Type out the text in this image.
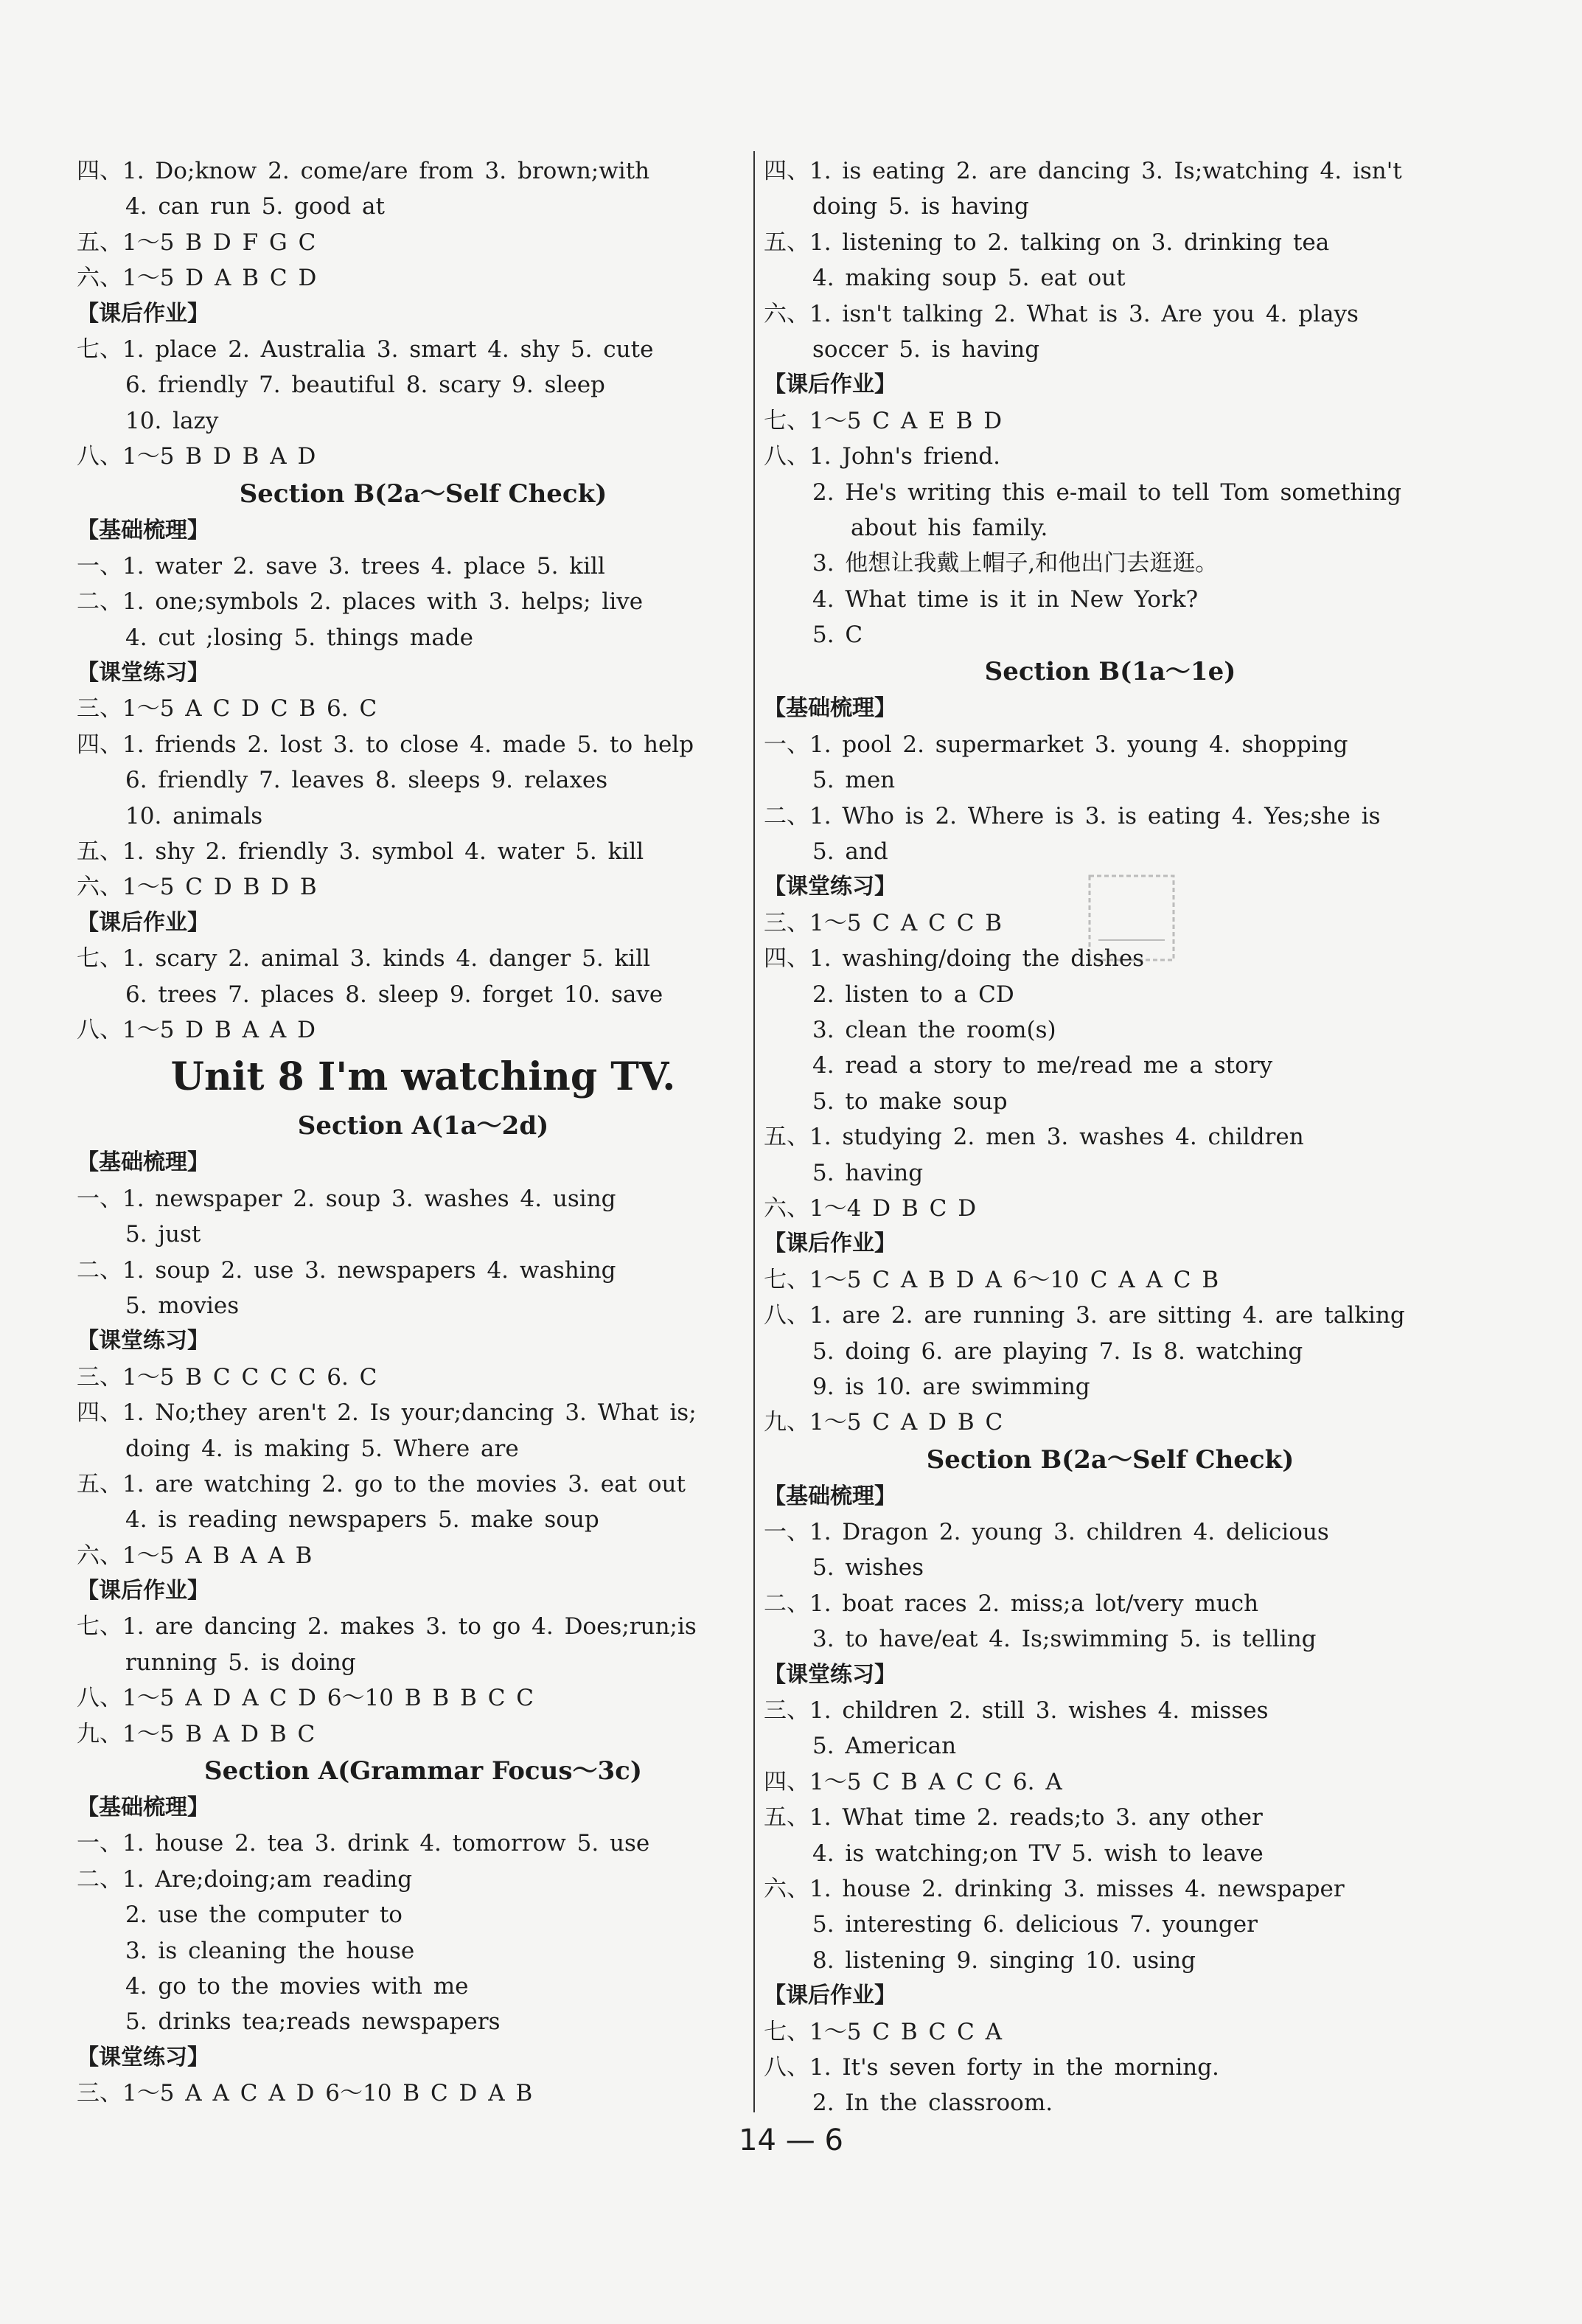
四、1. Do;know 2. come/are from 3. brown;with
4. can run 5. good at
五、1～5 B D F G C
六、1～5 D A B C D
【课后作业】
七、1. place 2. Australia 3. smart 4. shy 5. cute
6. friendly 7. beautiful 8. scary 9. sleep
10. lazy
八、1～5 B D B A D
Section B(2a～Self Check)
【基础梳理】
一、1. water 2. save 3. trees 4. place 5. kill
二、1. one;symbols 2. places with 3. helps; live
4. cut ;losing 5. things made
【课堂练习】
三、1～5 A C D C B 6. C
四、1. friends 2. lost 3. to close 4. made 5. to help
6. friendly 7. leaves 8. sleeps 9. relaxes
10. animals
五、1. shy 2. friendly 3. symbol 4. water 5. kill
六、1～5 C D B D B
【课后作业】
七、1. scary 2. animal 3. kinds 4. danger 5. kill
6. trees 7. places 8. sleep 9. forget 10. save
八、1～5 D B A A D
Unit 8 I'm watching TV.
Section A(1a～2d)
【基础梳理】
一、1. newspaper 2. soup 3. washes 4. using
5. just
二、1. soup 2. use 3. newspapers 4. washing
5. movies
【课堂练习】
三、1～5 B C C C C 6. C
四、1. No;they aren't 2. Is your;dancing 3. What is;
doing 4. is making 5. Where are
五、1. are watching 2. go to the movies 3. eat out
4. is reading newspapers 5. make soup
六、1～5 A B A A B
【课后作业】
七、1. are dancing 2. makes 3. to go 4. Does;run;is
running 5. is doing
八、1～5 A D A C D 6～10 B B B C C
九、1～5 B A D B C
Section A(Grammar Focus～3c)
【基础梳理】
一、1. house 2. tea 3. drink 4. tomorrow 5. use
二、1. Are;doing;am reading
2. use the computer to
3. is cleaning the house
4. go to the movies with me
5. drinks tea;reads newspapers
【课堂练习】
三、1～5 A A C A D 6～10 B C D A B
四、1. is eating 2. are dancing 3. Is;watching 4. isn't
doing 5. is having
五、1. listening to 2. talking on 3. drinking tea
4. making soup 5. eat out
六、1. isn't talking 2. What is 3. Are you 4. plays
soccer 5. is having
【课后作业】
七、1～5 C A E B D
八、1. John's friend.
2. He's writing this e-mail to tell Tom something
about his family.
3. 他想让我戴上帽子,和他出门去逛逛。
4. What time is it in New York?
5. C
Section B(1a～1e)
【基础梳理】
一、1. pool 2. supermarket 3. young 4. shopping
5. men
二、1. Who is 2. Where is 3. is eating 4. Yes;she is
5. and
【课堂练习】
三、1～5 C A C C B
四、1. washing/doing the dishes
2. listen to a CD
3. clean the room(s)
4. read a story to me/read me a story
5. to make soup
五、1. studying 2. men 3. washes 4. children
5. having
六、1～4 D B C D
【课后作业】
七、1～5 C A B D A 6～10 C A A C B
八、1. are 2. are running 3. are sitting 4. are talking
5. doing 6. are playing 7. Is 8. watching
9. is 10. are swimming
九、1～5 C A D B C
Section B(2a～Self Check)
【基础梳理】
一、1. Dragon 2. young 3. children 4. delicious
5. wishes
二、1. boat races 2. miss;a lot/very much
3. to have/eat 4. Is;swimming 5. is telling
【课堂练习】
三、1. children 2. still 3. wishes 4. misses
5. American
四、1～5 C B A C C 6. A
五、1. What time 2. reads;to 3. any other
4. is watching;on TV 5. wish to leave
六、1. house 2. drinking 3. misses 4. newspaper
5. interesting 6. delicious 7. younger
8. listening 9. singing 10. using
【课后作业】
七、1～5 C B C C A
八、1. It's seven forty in the morning.
2. In the classroom.
14 — 6
